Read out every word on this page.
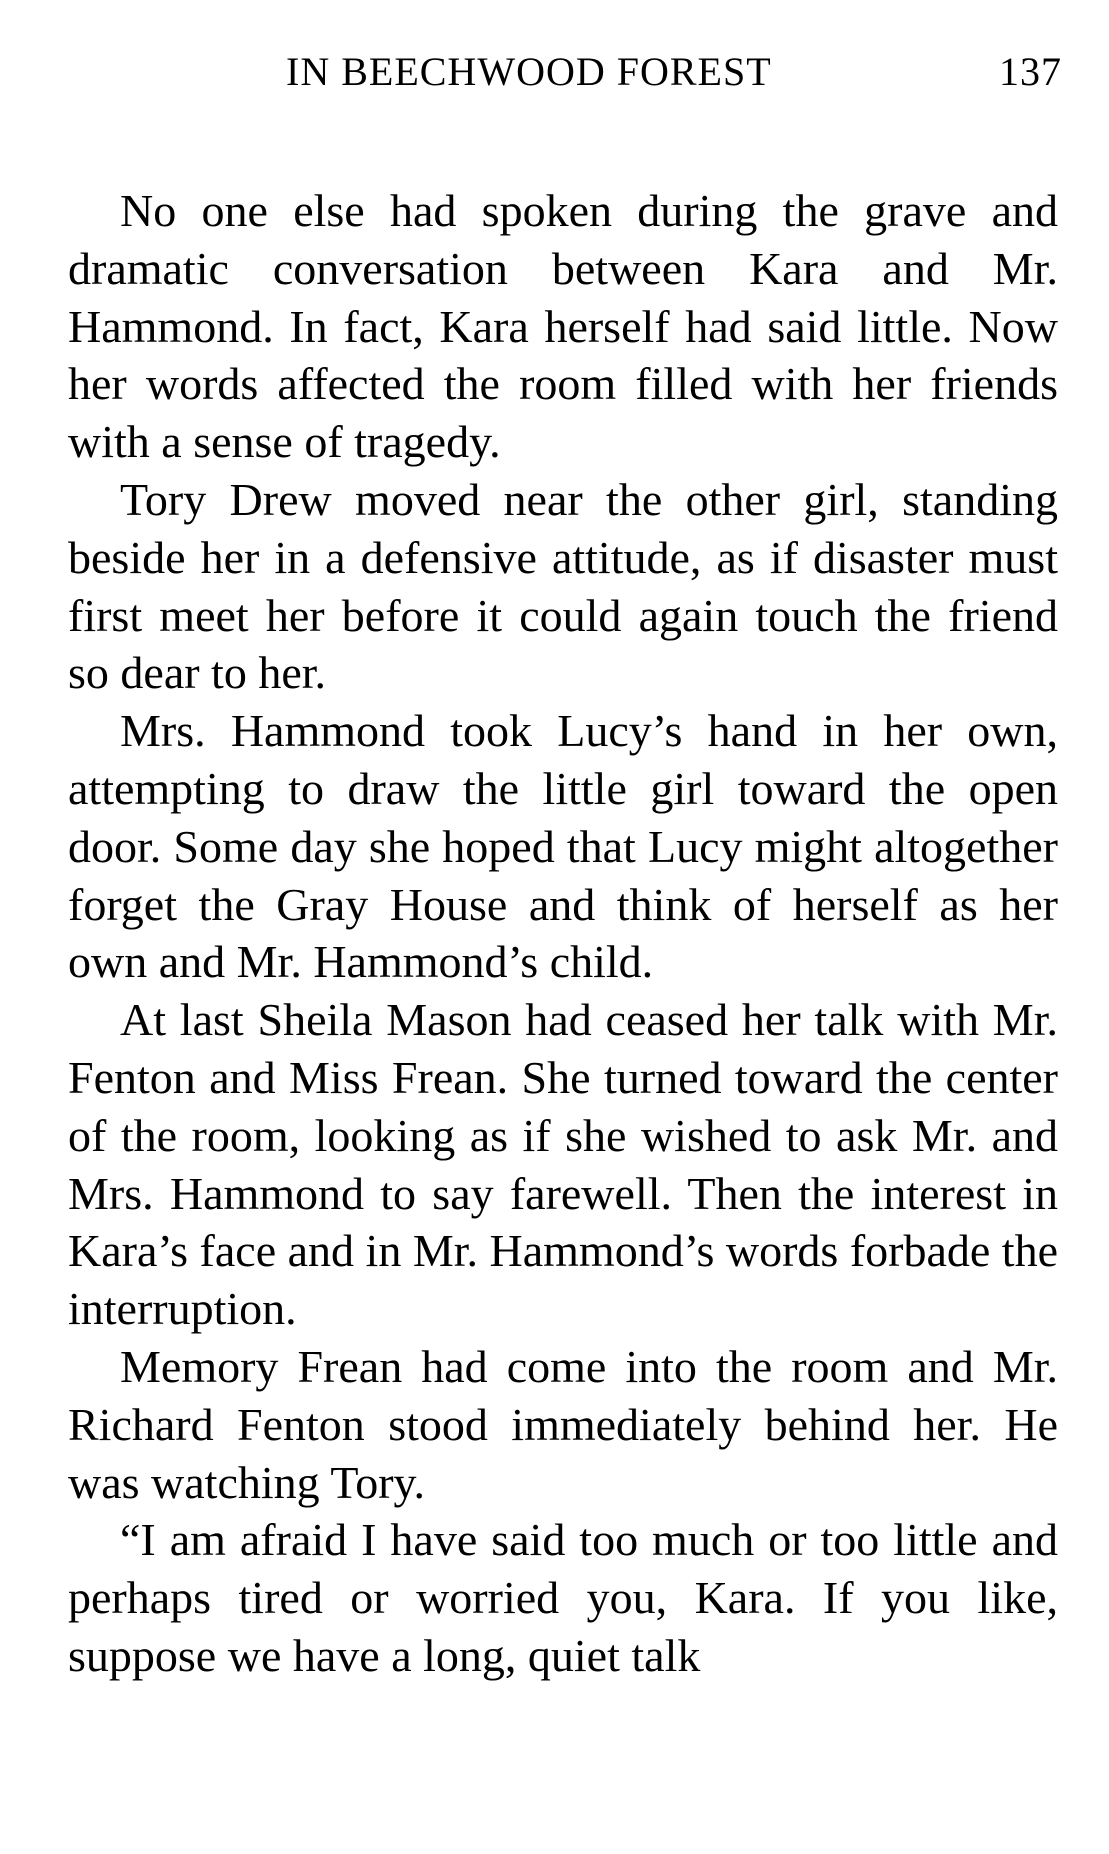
IN BEECHWOOD FOREST	137

No one else had spoken during the grave and dramatic conversation between Kara and Mr. Hammond. In fact, Kara herself had said little. Now her words affected the room filled with her friends with a sense of tragedy.

Tory Drew moved near the other girl, standing beside her in a defensive attitude, as if disaster must first meet her before it could again touch the friend so dear to her.

Mrs. Hammond took Lucy’s hand in her own, attempting to draw the little girl toward the open door. Some day she hoped that Lucy might altogether forget the Gray House and think of herself as her own and Mr. Hammond’s child.

At last Sheila Mason had ceased her talk with Mr. Fenton and Miss Frean. She turned toward the center of the room, looking as if she wished to ask Mr. and Mrs. Hammond to say farewell. Then the interest in Kara’s face and in Mr. Hammond’s words forbade the interruption.

Memory Frean had come into the room and Mr. Richard Fenton stood immediately behind her. He was watching Tory.

“I am afraid I have said too much or too little and perhaps tired or worried you, Kara. If you like, suppose we have a long, quiet talk
